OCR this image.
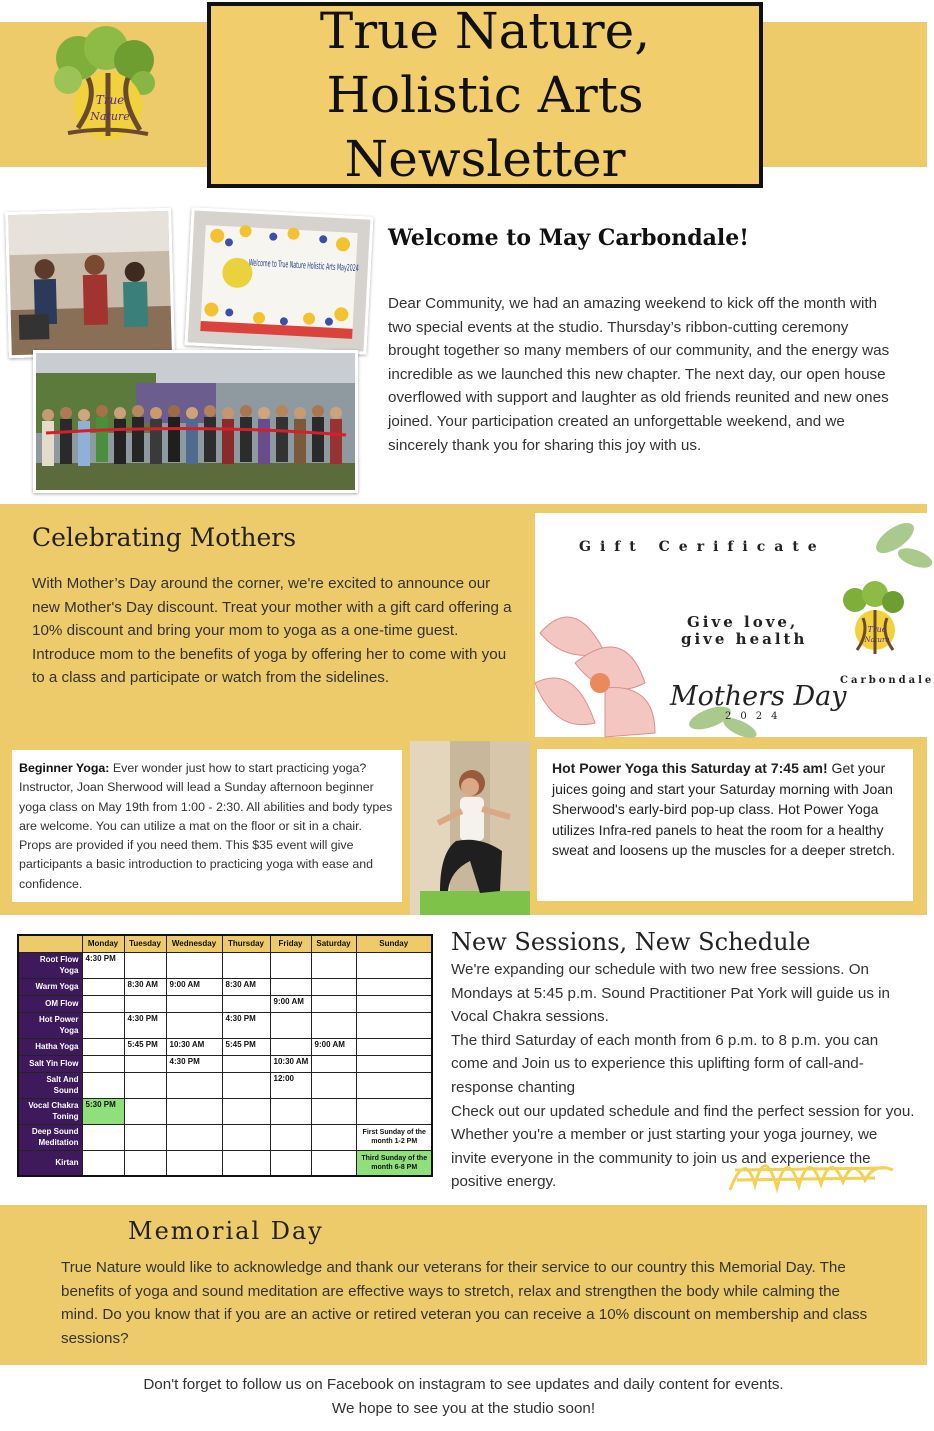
True
Nature
True Nature, Holistic Arts Newsletter
Welcome to True Nature Holistic Arts May2024
Welcome to May Carbondale!
Dear Community, we had an amazing weekend to kick off the month with two special events at the studio. Thursday’s ribbon-cutting ceremony brought together so many members of our community, and the energy was incredible as we launched this new chapter. The next day, our open house overflowed with support and laughter as old friends reunited and new ones joined. Your participation created an unforgettable weekend, and we sincerely thank you for sharing this joy with us.
Celebrating Mothers
With Mother’s Day around the corner, we're excited to announce our new Mother's Day discount. Treat your mother with a gift card offering a 10% discount and bring your mom to yoga as a one-time guest. Introduce mom to the benefits of yoga by offering her to come with you to a class and participate or watch from the sidelines.
True
Nature
Gift Cerificate
Give love,
give health
Mothers Day
2024
Carbondale
Beginner Yoga: Ever wonder just how to start practicing yoga? Instructor, Joan Sherwood will lead a Sunday afternoon beginner yoga class on May 19th from 1:00 - 2:30. All abilities and body types are welcome. You can utilize a mat on the floor or sit in a chair. Props are provided if you need them. This $35 event will give participants a basic introduction to practicing yoga with ease and confidence.
Hot Power Yoga this Saturday at 7:45 am! Get your juices going and start your Saturday morning with Joan Sherwood's early-bird pop-up class. Hot Power Yoga utilizes Infra-red panels to heat the room for a healthy sweat and loosens up the muscles for a deeper stretch.
	Monday	Tuesday	Wednesday	Thursday	Friday	Saturday	Sunday
Root Flow Yoga	4:30 PM						
Warm Yoga		8:30 AM	9:00 AM	8:30 AM			
OM Flow					9:00 AM		
Hot Power Yoga		4:30 PM		4:30 PM			
Hatha Yoga		5:45 PM	10:30 AM	5:45 PM		9:00 AM	
Salt Yin Flow			4:30 PM		10:30 AM		
Salt And Sound					12:00		
Vocal Chakra Toning	5:30 PM						
Deep Sound Meditation							First Sunday of the month 1-2 PM
Kirtan							Third Sunday of the month 6-8 PM
New Sessions, New Schedule
We're expanding our schedule with two new free sessions. On Mondays at 5:45 p.m. Sound Practitioner Pat York will guide us in Vocal Chakra sessions.
The third Saturday of each month from 6 p.m. to 8 p.m. you can come and Join us to experience this uplifting form of call-and-response chanting
Check out our updated schedule and find the perfect session for you. Whether you're a member or just starting your yoga journey, we invite everyone in the community to join us and experience the positive energy.
Memorial Day
True Nature would like to acknowledge and thank our veterans for their service to our country this Memorial Day. The benefits of yoga and sound meditation are effective ways to stretch, relax and strengthen the body while calming the mind. Do you know that if you are an active or retired veteran you can receive a 10% discount on membership and class sessions?
Don't forget to follow us on Facebook on instagram to see updates and daily content for events.
We hope to see you at the studio soon!
